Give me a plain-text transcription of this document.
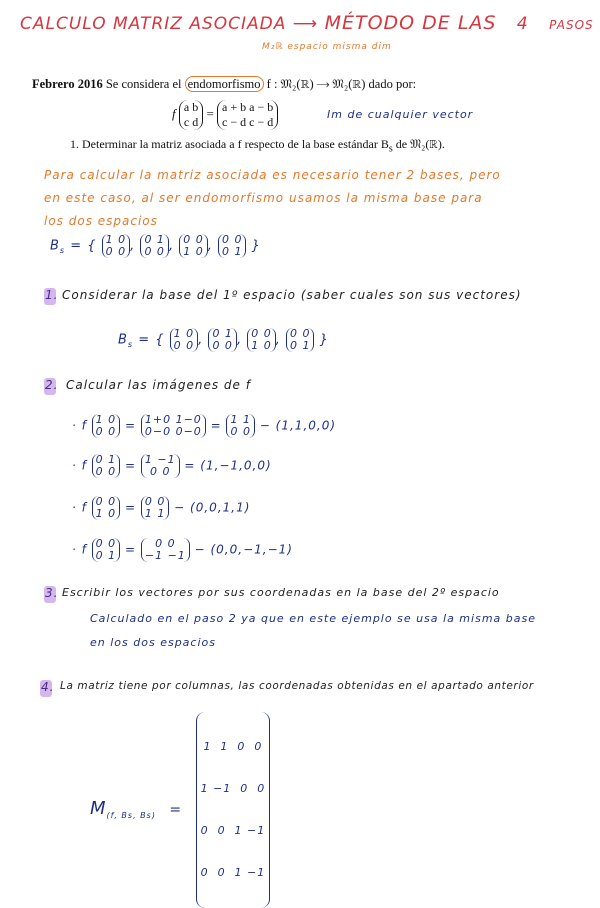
CALCULO MATRIZ ASOCIADA ⟶ MÉTODO DE LAS 4 PASOS
M₂ℝ espacio misma dim
Febrero 2016 Se considera el endomorfismo f : 𝔐₂(ℝ) ⟶ 𝔐₂(ℝ) dado por:
f a b
c d
= a + b a − b
c − d c − d
Im de cualquier vector
1. Determinar la matriz asociada a f respecto de la base estándar $B_s$ de 𝔐₂(ℝ).
Para calcular la matriz asociada es necesario tener 2 bases, pero
en este caso, al ser endomorfismo usamos la misma base para
los dos espacios
$B_s$ = { 1 0
0 0 , 0 1
0 0 , 0 0
1 0 , 0 0
0 1 }
1. Considerar la base del 1º espacio (saber cuales son sus vectores)
$B_s$ = { 1 0
0 0 , 0 1
0 0 , 0 0
1 0 , 0 0
0 1 }
2. Calcular las imágenes de f
· f 1 0
0 0 = 1+0 1−0
0−0 0−0 = 1 1
0 0 − (1,1,0,0)
· f 0 1
0 0 = 1 −1
0 0 = (1,−1,0,0)
· f 0 0
1 0 = 0 0
1 1 − (0,0,1,1)
· f 0 0
0 1 =	0 0
−1 −1 − (0,0,−1,−1)
3. Escribir los vectores por sus coordenadas en la base del 2º espacio
Calculado en el paso 2 ya que en este ejemplo se usa la misma base
en los dos espacios
4. La matriz tiene por columnas, las coordenadas obtenidas en el apartado anterior
$M_{(f, Bs, Bs)}$ =

1  1  0  0

1 −1  0  0

0  0  1 −1

0  0  1 −1
